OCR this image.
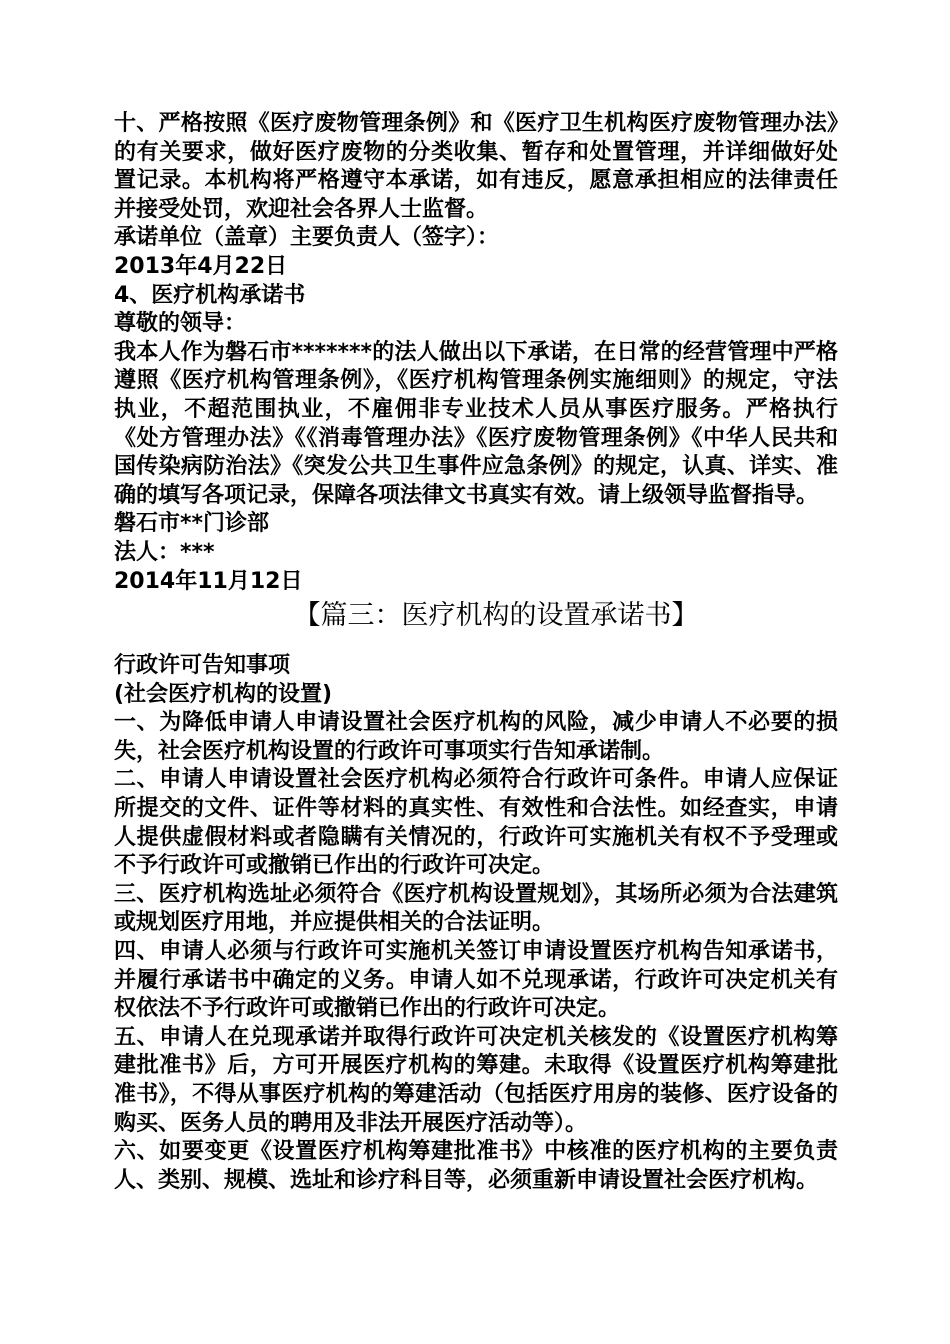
十、严格按照《医疗废物管理条例》和《医疗卫生机构医疗废物管理办法》的有关要求，做好医疗废物的分类收集、暂存和处置管理，并详细做好处置记录。本机构将严格遵守本承诺，如有违反，愿意承担相应的法律责任并接受处罚，欢迎社会各界人士监督。

承诺单位（盖章）主要负责人（签字）：

2013年4月22日

4、医疗机构承诺书

尊敬的领导：

我本人作为磐石市*******的法人做出以下承诺，在日常的经营管理中严格遵照《医疗机构管理条例》，《医疗机构管理条例实施细则》的规定，守法执业，不超范围执业，不雇佣非专业技术人员从事医疗服务。严格执行《处方管理办法》《《消毒管理办法》《医疗废物管理条例》《中华人民共和国传染病防治法》《突发公共卫生事件应急条例》的规定，认真、详实、准确的填写各项记录，保障各项法律文书真实有效。请上级领导监督指导。

磐石市**门诊部

法人：***

2014年11月12日

【篇三：医疗机构的设置承诺书】

行政许可告知事项

(社会医疗机构的设置)

一、为降低申请人申请设置社会医疗机构的风险，减少申请人不必要的损失，社会医疗机构设置的行政许可事项实行告知承诺制。

二、申请人申请设置社会医疗机构必须符合行政许可条件。申请人应保证所提交的文件、证件等材料的真实性、有效性和合法性。如经查实，申请人提供虚假材料或者隐瞒有关情况的，行政许可实施机关有权不予受理或不予行政许可或撤销已作出的行政许可决定。

三、医疗机构选址必须符合《医疗机构设置规划》，其场所必须为合法建筑或规划医疗用地，并应提供相关的合法证明。

四、申请人必须与行政许可实施机关签订申请设置医疗机构告知承诺书，并履行承诺书中确定的义务。申请人如不兑现承诺，行政许可决定机关有权依法不予行政许可或撤销已作出的行政许可决定。

五、申请人在兑现承诺并取得行政许可决定机关核发的《设置医疗机构筹建批准书》后，方可开展医疗机构的筹建。未取得《设置医疗机构筹建批准书》，不得从事医疗机构的筹建活动（包括医疗用房的装修、医疗设备的购买、医务人员的聘用及非法开展医疗活动等）。

六、如要变更《设置医疗机构筹建批准书》中核准的医疗机构的主要负责人、类别、规模、选址和诊疗科目等，必须重新申请设置社会医疗机构。
